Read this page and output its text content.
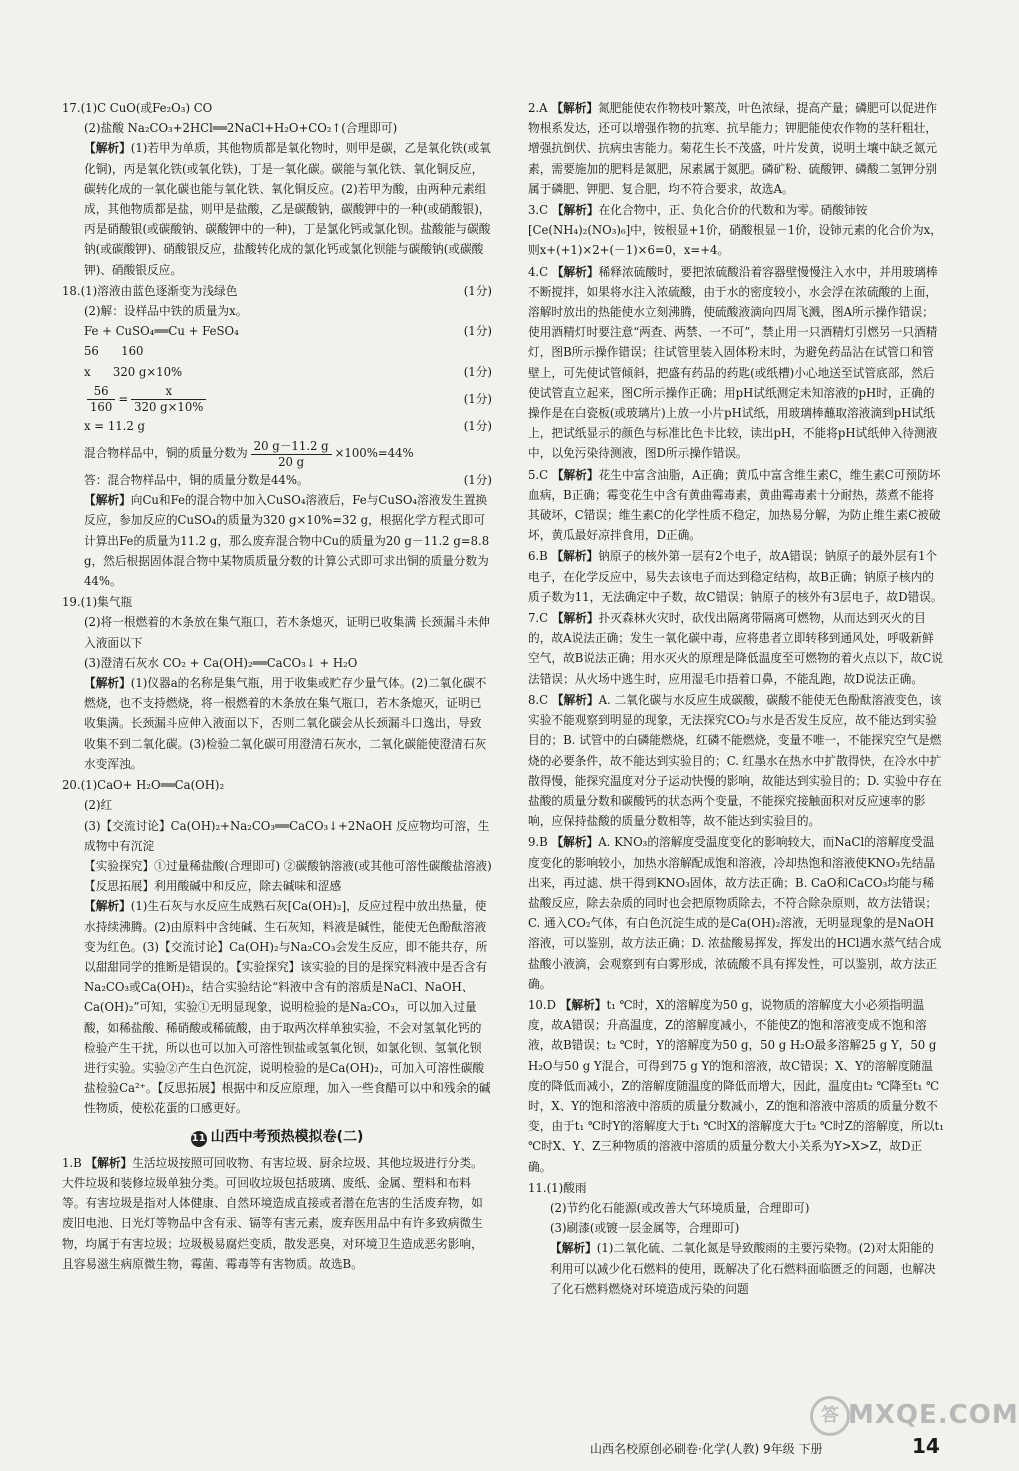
17.(1)C CuO(或Fe₂O₃) CO
(2)盐酸 Na₂CO₃+2HCl══2NaCl+H₂O+CO₂↑(合理即可)
【解析】(1)若甲为单质，其他物质都是氧化物时，则甲是碳，乙是氧化铁(或氧化铜)，丙是氧化铁(或氧化铁)，丁是一氧化碳。碳能与氧化铁、氧化铜反应，碳转化成的一氧化碳也能与氧化铁、氧化铜反应。(2)若甲为酸，由两种元素组成，其他物质都是盐，则甲是盐酸，乙是碳酸钠，碳酸钾中的一种(或硝酸银)，丙是硝酸银(或碳酸钠、碳酸钾中的一种)，丁是氯化钙或氯化钡。盐酸能与碳酸钠(或碳酸钾)、硝酸银反应，盐酸转化成的氯化钙或氯化钡能与碳酸钠(或碳酸钾)、硝酸银反应。
18.(1)溶液由蓝色逐渐变为浅绿色	(1分)
(2)解：设样品中铁的质量为x。
Fe + CuSO₄══Cu + FeSO₄	(1分)
56      160
x      320 g×10%	(1分)
$\frac{56}{160} = \frac{x}{320 g\times 10\%}$	(1分)
x = 11.2 g	(1分)
混合物样品中，铜的质量分数为 $\frac{20 g-11.2 g}{20 g} \times 100\%=44\%$
(1分)
答：混合物样品中，铜的质量分数是44%。
【解析】向Cu和Fe的混合物中加入CuSO₄溶液后，Fe与CuSO₄溶液发生置换反应，参加反应的CuSO₄的质量为320 g×10%=32 g，根据化学方程式即可计算出Fe的质量为11.2 g，那么废弃混合物中Cu的质量为20 g－11.2 g=8.8 g，然后根据固体混合物中某物质质量分数的计算公式即可求出铜的质量分数为44%。
19.(1)集气瓶
(2)将一根燃着的木条放在集气瓶口，若木条熄灭，证明已收集满 长颈漏斗未伸入液面以下
(3)澄清石灰水 CO₂ + Ca(OH)₂══CaCO₃↓ + H₂O
【解析】(1)仪器a的名称是集气瓶，用于收集或贮存少量气体。(2)二氧化碳不燃烧，也不支持燃烧，将一根燃着的木条放在集气瓶口，若木条熄灭，证明已收集满。长颈漏斗应伸入液面以下，否则二氧化碳会从长颈漏斗口逸出，导致收集不到二氧化碳。(3)检验二氧化碳可用澄清石灰水，二氧化碳能使澄清石灰水变浑浊。
20.(1)CaO+ H₂O══Ca(OH)₂
(2)红
(3)【交流讨论】Ca(OH)₂+Na₂CO₃══CaCO₃↓+2NaOH 反应物均可溶，生成物中有沉淀
【实验探究】①过量稀盐酸(合理即可) ②碳酸钠溶液(或其他可溶性碳酸盐溶液)
【反思拓展】利用酸碱中和反应，除去碱味和涩感
【解析】(1)生石灰与水反应生成熟石灰[Ca(OH)₂]，反应过程中放出热量，使水持续沸腾。(2)由原料中含纯碱、生石灰知，料液是碱性，能使无色酚酞溶液变为红色。(3)【交流讨论】Ca(OH)₂与Na₂CO₃会发生反应，即不能共存，所以甜甜同学的推断是错误的。【实验探究】该实验的目的是探究料液中是否含有Na₂CO₃或Ca(OH)₂，结合实验结论“料液中含有的溶质是NaCl、NaOH、Ca(OH)₂”可知，实验①无明显现象，说明检验的是Na₂CO₃，可以加入过量酸，如稀盐酸、稀硝酸或稀硫酸，由于取两次样单独实验，不会对氢氧化钙的检验产生干扰，所以也可以加入可溶性钡盐或氢氧化钡，如氯化钡、氢氧化钡进行实验。实验②产生白色沉淀，说明检验的是Ca(OH)₂，可加入可溶性碳酸盐检验Ca²⁺。【反思拓展】根据中和反应原理，加入一些食醋可以中和残余的碱性物质，使松花蛋的口感更好。
11 山西中考预热模拟卷(二)
1.B 【解析】生活垃圾按照可回收物、有害垃圾、厨余垃圾、其他垃圾进行分类。大件垃圾和装修垃圾单独分类。可回收垃圾包括玻璃、废纸、金属、塑料和布料等。有害垃圾是指对人体健康、自然环境造成直接或者潜在危害的生活废弃物，如废旧电池、日光灯等物品中含有汞、镉等有害元素，废弃医用品中有许多致病微生物，均属于有害垃圾；垃圾极易腐烂变质，散发恶臭，对环境卫生造成恶劣影响，且容易滋生病原微生物，霉菌、霉毒等有害物质。故选B。
2.A 【解析】氮肥能使农作物枝叶繁茂，叶色浓绿，提高产量；磷肥可以促进作物根系发达，还可以增强作物的抗寒、抗旱能力；钾肥能使农作物的茎秆粗壮，增强抗倒伏、抗病虫害能力。菊花生长不茂盛，叶片发黄，说明土壤中缺乏氮元素，需要施加的肥料是氮肥，尿素属于氮肥。磷矿粉、硫酸钾、磷酸二氢钾分别属于磷肥、钾肥、复合肥，均不符合要求，故选A。
3.C 【解析】在化合物中，正、负化合价的代数和为零。硝酸铈铵[Ce(NH₄)₂(NO₃)₆]中，铵根显+1价，硝酸根显－1价，设铈元素的化合价为x，则x+(+1)×2+(－1)×6=0，x=+4。
4.C 【解析】稀释浓硫酸时，要把浓硫酸沿着容器壁慢慢注入水中，并用玻璃棒不断搅拌，如果将水注入浓硫酸，由于水的密度较小，水会浮在浓硫酸的上面，溶解时放出的热能使水立刻沸腾，使硫酸液滴向四周飞溅，图A所示操作错误；使用酒精灯时要注意“两查、两禁、一不可”，禁止用一只酒精灯引燃另一只酒精灯，图B所示操作错误；往试管里装入固体粉末时，为避免药品沾在试管口和管壁上，可先使试管倾斜，把盛有药品的药匙(或纸槽)小心地送至试管底部，然后使试管直立起来，图C所示操作正确；用pH试纸测定未知溶液的pH时，正确的操作是在白瓷板(或玻璃片)上放一小片pH试纸，用玻璃棒蘸取溶液滴到pH试纸上，把试纸显示的颜色与标准比色卡比较，读出pH，不能将pH试纸伸入待测液中，以免污染待测液，图D所示操作错误。
5.C 【解析】花生中富含油脂，A正确；黄瓜中富含维生素C，维生素C可预防坏血病，B正确；霉变花生中含有黄曲霉毒素，黄曲霉毒素十分耐热，蒸煮不能将其破坏，C错误；维生素C的化学性质不稳定，加热易分解，为防止维生素C被破坏，黄瓜最好凉拌食用，D正确。
6.B 【解析】钠原子的核外第一层有2个电子，故A错误；钠原子的最外层有1个电子，在化学反应中，易失去该电子而达到稳定结构，故B正确；钠原子核内的质子数为11，无法确定中子数，故C错误；钠原子的核外有3层电子，故D错误。
7.C 【解析】扑灭森林火灾时，砍伐出隔离带隔离可燃物，从而达到灭火的目的，故A说法正确；发生一氧化碳中毒，应将患者立即转移到通风处，呼吸新鲜空气，故B说法正确；用水灭火的原理是降低温度至可燃物的着火点以下，故C说法错误；从火场中逃生时，应用湿毛巾捂着口鼻，不能乱跑，故D说法正确。
8.C 【解析】A. 二氧化碳与水反应生成碳酸，碳酸不能使无色酚酞溶液变色，该实验不能观察到明显的现象，无法探究CO₂与水是否发生反应，故不能达到实验目的；B. 试管中的白磷能燃烧，红磷不能燃烧，变量不唯一，不能探究空气是燃烧的必要条件，故不能达到实验目的；C. 红墨水在热水中扩散得快，在冷水中扩散得慢，能探究温度对分子运动快慢的影响，故能达到实验目的；D. 实验中存在盐酸的质量分数和碳酸钙的状态两个变量，不能探究接触面积对反应速率的影响，应保持盐酸的质量分数相等，故不能达到实验目的。
9.B 【解析】A. KNO₃的溶解度受温度变化的影响较大，而NaCl的溶解度受温度变化的影响较小，加热水溶解配成饱和溶液，冷却热饱和溶液使KNO₃先结晶出来，再过滤、烘干得到KNO₃固体，故方法正确；B. CaO和CaCO₃均能与稀盐酸反应，除去杂质的同时也会把原物质除去，不符合除杂原则，故方法错误；C. 通入CO₂气体，有白色沉淀生成的是Ca(OH)₂溶液，无明显现象的是NaOH溶液，可以鉴别，故方法正确；D. 浓盐酸易挥发，挥发出的HCl遇水蒸气结合成盐酸小液滴，会观察到有白雾形成，浓硫酸不具有挥发性，可以鉴别，故方法正确。
10.D 【解析】t₁ ℃时，X的溶解度为50 g，说物质的溶解度大小必须指明温度，故A错误；升高温度，Z的溶解度减小，不能使Z的饱和溶液变成不饱和溶液，故B错误；t₂ ℃时，Y的溶解度为50 g，50 g H₂O最多溶解25 g Y，50 g H₂O与50 g Y混合，可得到75 g Y的饱和溶液，故C错误；X、Y的溶解度随温度的降低而减小，Z的溶解度随温度的降低而增大，因此，温度由t₂ ℃降至t₁ ℃时，X、Y的饱和溶液中溶质的质量分数减小，Z的饱和溶液中溶质的质量分数不变，由于t₁ ℃时Y的溶解度大于t₁ ℃时X的溶解度大于t₂ ℃时Z的溶解度，所以t₁ ℃时X、Y、Z三种物质的溶液中溶质的质量分数大小关系为Y>X>Z，故D正确。
11.(1)酸雨
(2)节约化石能源(或改善大气环境质量，合理即可)
(3)刷漆(或镀一层金属等，合理即可)
【解析】(1)二氧化硫、二氧化氮是导致酸雨的主要污染物。(2)对太阳能的利用可以减少化石燃料的使用，既解决了化石燃料面临匮乏的问题，也解决了化石燃料燃烧对环境造成污染的问题
答 MXQE.COM
山西名校原创必刷卷·化学(人教) 9年级 下册	14
